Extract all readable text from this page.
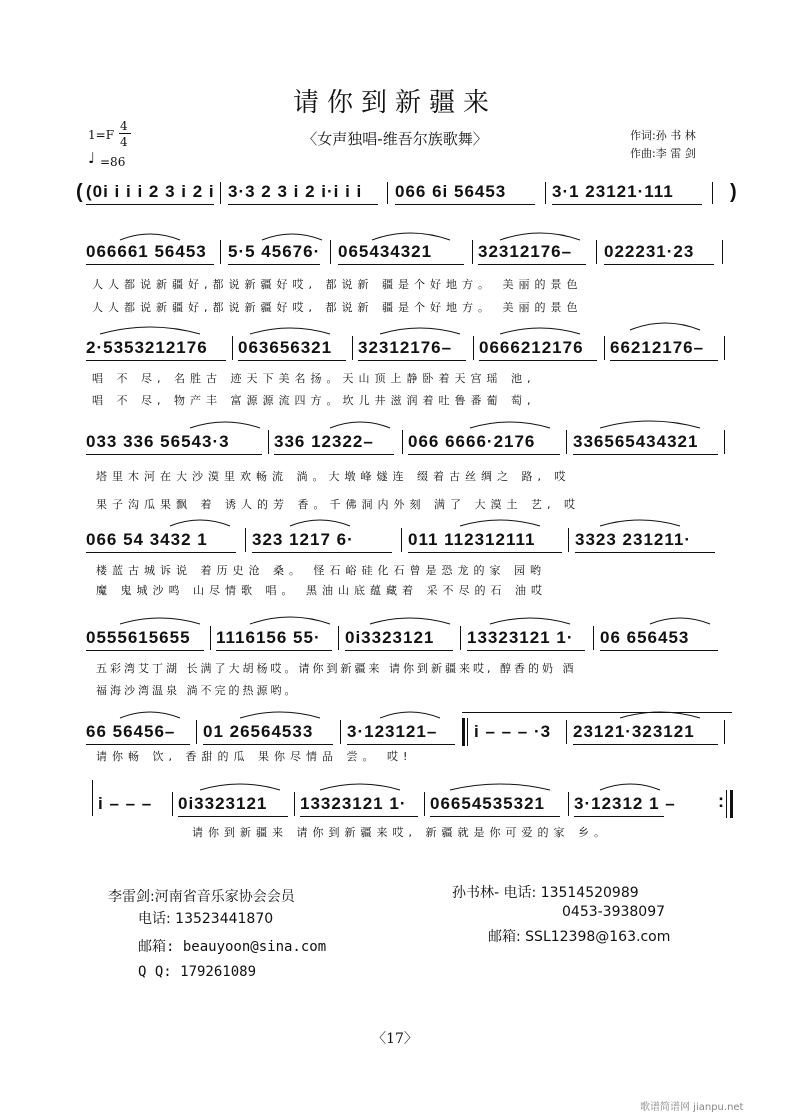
请你到新疆来
〈女声独唱-维吾尔族歌舞〉	作词:孙 书 林
作曲:李 雷 剑
1=F
4
4
♩ =86
( (0i i i i 2 3 i 2 i 3·3 2 3 i 2 i·i i i 066 6i 56453	3·1 23121·111	)
066661 56453 5·5 45676· 065434321	32312176– 022231·23
人人都说新疆好,都说新疆好哎, 都说新 疆是个好地方。 美丽的景色
人人都说新疆好,都说新疆好哎, 都说新 疆是个好地方。 美丽的景色
2·5353212176 063656321 32312176– 0666212176 66212176–
唱 不 尽, 名胜古 迹天下美名扬。天山顶上静卧着天宫瑶 池,
唱 不 尽, 物产丰 富源源流四方。坎儿井滋润着吐鲁番葡 萄,
033 336 56543·3	336 12322– 066 6666·2176 336565434321
塔里木河在大沙漠里欢畅流 淌。大墩峰燧连 缀着古丝绸之 路, 哎
果子沟瓜果飘 着 诱人的芳 香。千佛洞内外刻 满了 大漠土 艺, 哎
066 54 3432 1	323 1217 6·	011 112312111 3323 231211·
楼蓝古城诉说 着历史沧 桑。 怪石峪硅化石曾是恐龙的家 园哟
魔 鬼城沙鸣 山尽情歌 唱。 黑油山底蕴藏着 采不尽的石 油哎
0555615655 1116156 55· 0i3323121 13323121 1· 06 656453
五彩湾艾丁湖 长满了大胡杨哎。请你到新疆来 请你到新疆来哎, 醇香的奶 酒
福海沙湾温泉 淌不完的热源哟。
66 56456– 01 26564533 3·123121– i – – – ·3 23121·323121
请你畅 饮, 香甜的瓜 果你尽情品 尝。 哎!
i – – – 0i3323121 13323121 1· 06654535321 3·12312 1 – :
请你到新疆来 请你到新疆来哎, 新疆就是你可爱的家 乡。
李雷剑:河南省音乐家协会会员
电话: 13523441870
邮箱: beauyoon@sina.com
Q Q: 179261089
孙书林- 电话: 13514520989
0453-3938097
邮箱: SSL12398@163.com
〈17〉
歌谱简谱网 jianpu.net
